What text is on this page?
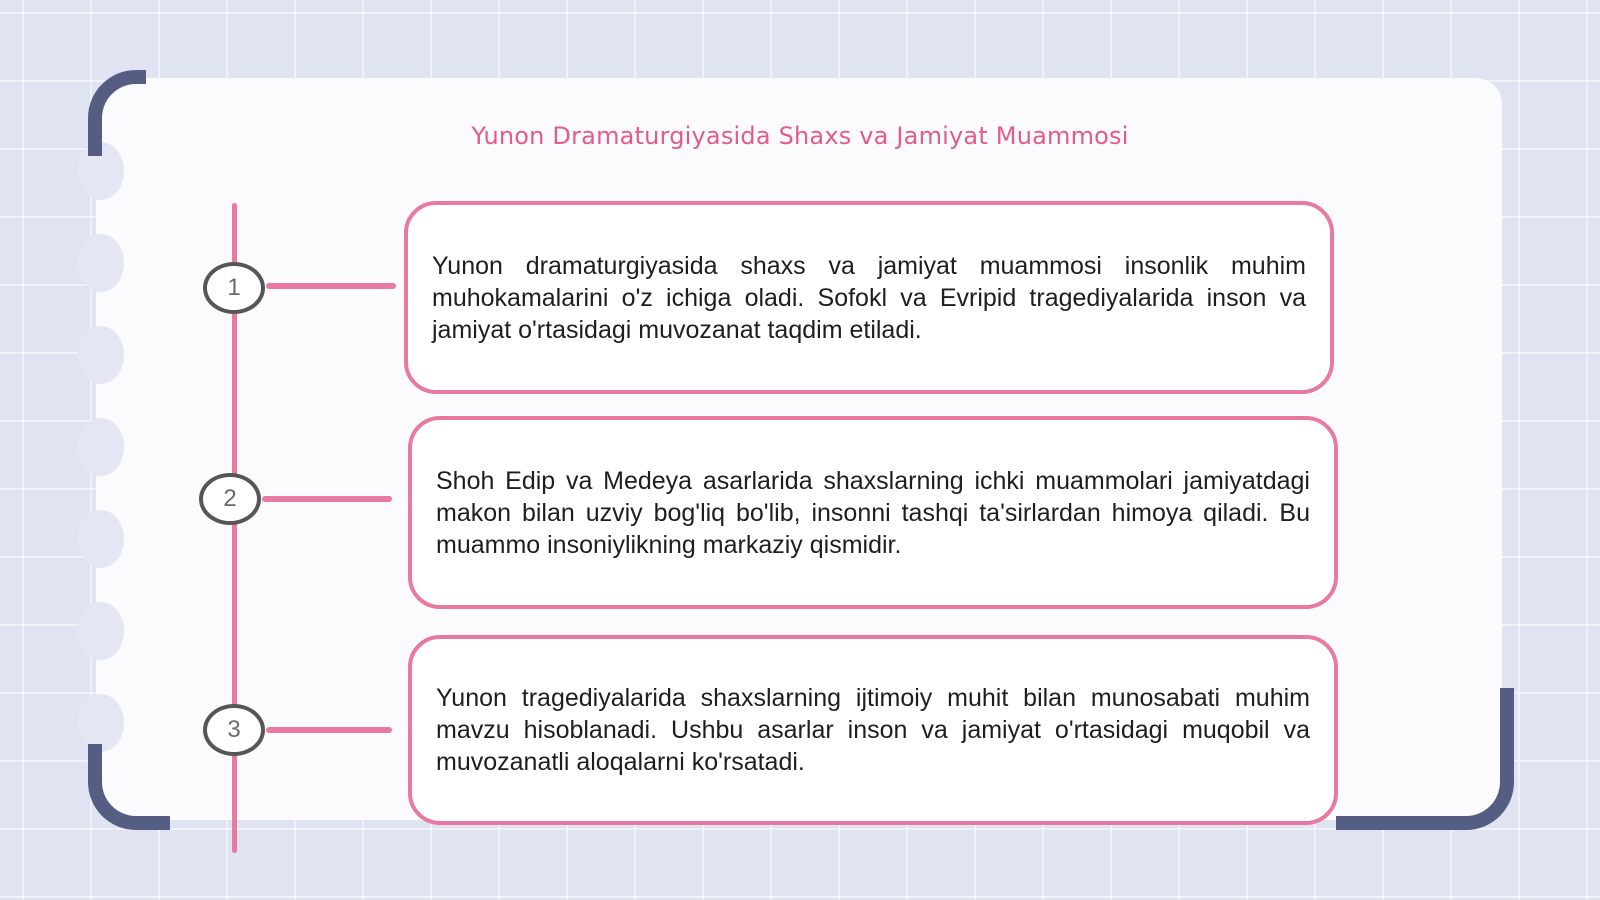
Yunon Dramaturgiyasida Shaxs va Jamiyat Muammosi
1
Yunon dramaturgiyasida shaxs va jamiyat muammosi insonlik muhim muhokamalarini o'z ichiga oladi. Sofokl va Evripid tragediyalarida inson va jamiyat o'rtasidagi muvozanat taqdim etiladi.
2
Shoh Edip va Medeya asarlarida shaxslarning ichki muammolari jamiyatdagi makon bilan uzviy bog'liq bo'lib, insonni tashqi ta'sirlardan himoya qiladi. Bu muammo insoniylikning markaziy qismidir.
3
Yunon tragediyalarida shaxslarning ijtimoiy muhit bilan munosabati muhim mavzu hisoblanadi. Ushbu asarlar inson va jamiyat o'rtasidagi muqobil va muvozanatli aloqalarni ko'rsatadi.
